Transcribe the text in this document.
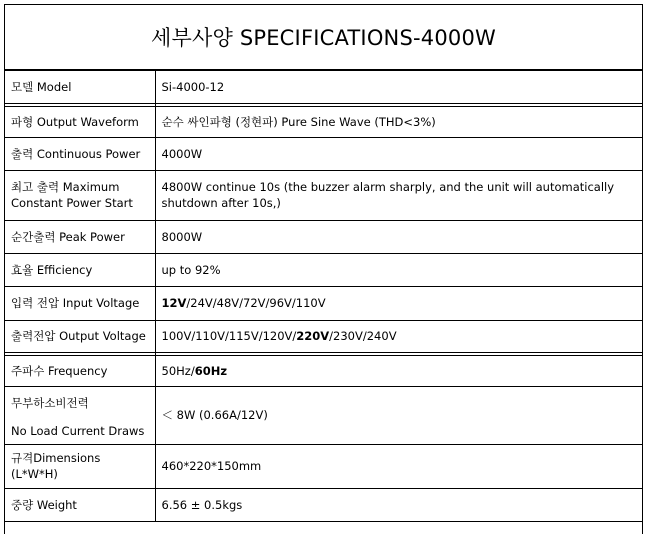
세부사양 SPECIFICATIONS-4000W
모델 Model	Si-4000-12

파형 Output Waveform	순수 싸인파형 (정현파) Pure Sine Wave (THD<3%)
출력 Continuous Power	4000W

최고 출력 Maximum
Constant Power Start	4800W continue 10s (the buzzer alarm sharply, and the unit will automatically
shutdown after 10s,)

순간출력 Peak Power	8000W
효율 Efficiency	up to 92%
입력 전압 Input Voltage	12V/24V/48V/72V/96V/110V
출력전압 Output Voltage	100V/110V/115V/120V/220V/230V/240V

주파수 Frequency	50Hz/60Hz

무부하소비전력
No Load Current Draws	＜ 8W (0.66A/12V)

규격Dimensions
(L*W*H)	460*220*150mm
중량 Weight	6.56 ± 0.5kgs
